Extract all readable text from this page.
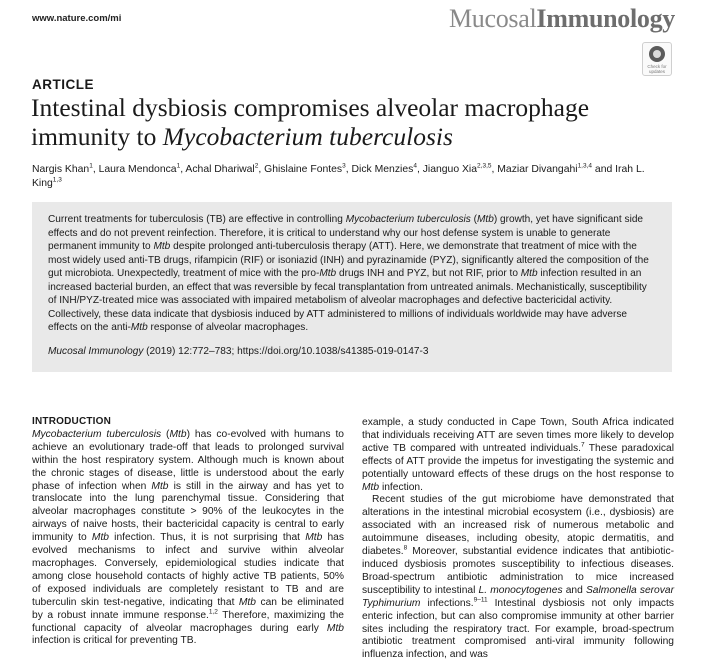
www.nature.com/mi	MucosalImmunology
Check for updates
ARTICLE
Intestinal dysbiosis compromises alveolar macrophage immunity to Mycobacterium tuberculosis
Nargis Khan$^1$, Laura Mendonca$^1$, Achal Dhariwal$^2$, Ghislaine Fontes$^3$, Dick Menzies$^4$, Jianguo Xia$^{2,3,5}$, Maziar Divangahi$^{1,3,4}$ and Irah L. King$^{1,3}$

Current treatments for tuberculosis (TB) are effective in controlling Mycobacterium tuberculosis (Mtb) growth, yet have significant side effects and do not prevent reinfection. Therefore, it is critical to understand why our host defense system is unable to generate permanent immunity to Mtb despite prolonged anti-tuberculosis therapy (ATT). Here, we demonstrate that treatment of mice with the most widely used anti-TB drugs, rifampicin (RIF) or isoniazid (INH) and pyrazinamide (PYZ), significantly altered the composition of the gut microbiota. Unexpectedly, treatment of mice with the pro-Mtb drugs INH and PYZ, but not RIF, prior to Mtb infection resulted in an increased bacterial burden, an effect that was reversible by fecal transplantation from untreated animals. Mechanistically, susceptibility of INH/PYZ-treated mice was associated with impaired metabolism of alveolar macrophages and defective bactericidal activity. Collectively, these data indicate that dysbiosis induced by ATT administered to millions of individuals worldwide may have adverse effects on the anti-Mtb response of alveolar macrophages.

Mucosal Immunology (2019) 12:772–783; https://doi.org/10.1038/s41385-019-0147-3

INTRODUCTION

Mycobacterium tuberculosis (Mtb) has co-evolved with humans to achieve an evolutionary trade-off that leads to prolonged survival within the host respiratory system. Although much is known about the chronic stages of disease, little is understood about the early phase of infection when Mtb is still in the airway and has yet to translocate into the lung parenchymal tissue. Considering that alveolar macrophages constitute > 90% of the leukocytes in the airways of naive hosts, their bactericidal capacity is central to early immunity to Mtb infection. Thus, it is not surprising that Mtb has evolved mechanisms to infect and survive within alveolar macrophages. Conversely, epidemiological studies indicate that among close household contacts of highly active TB patients, 50% of exposed individuals are completely resistant to TB and are tuberculin skin test-negative, indicating that Mtb can be eliminated by a robust innate immune response.$^{1,2}$ Therefore, maximizing the functional capacity of alveolar macrophages during early Mtb infection is critical for preventing TB.

example, a study conducted in Cape Town, South Africa indicated that individuals receiving ATT are seven times more likely to develop active TB compared with untreated individuals.$^7$ These paradoxical effects of ATT provide the impetus for investigating the systemic and potentially untoward effects of these drugs on the host response to Mtb infection.

Recent studies of the gut microbiome have demonstrated that alterations in the intestinal microbial ecosystem (i.e., dysbiosis) are associated with an increased risk of numerous metabolic and autoimmune diseases, including obesity, atopic dermatitis, and diabetes.$^8$ Moreover, substantial evidence indicates that antibiotic-induced dysbiosis promotes susceptibility to infectious diseases. Broad-spectrum antibiotic administration to mice increased susceptibility to intestinal L. monocytogenes and Salmonella serovar Typhimurium infections.$^{9-11}$ Intestinal dysbiosis not only impacts enteric infection, but can also compromise immunity at other barrier sites including the respiratory tract. For example, broad-spectrum antibiotic treatment compromised anti-viral immunity following influenza infection, and was
